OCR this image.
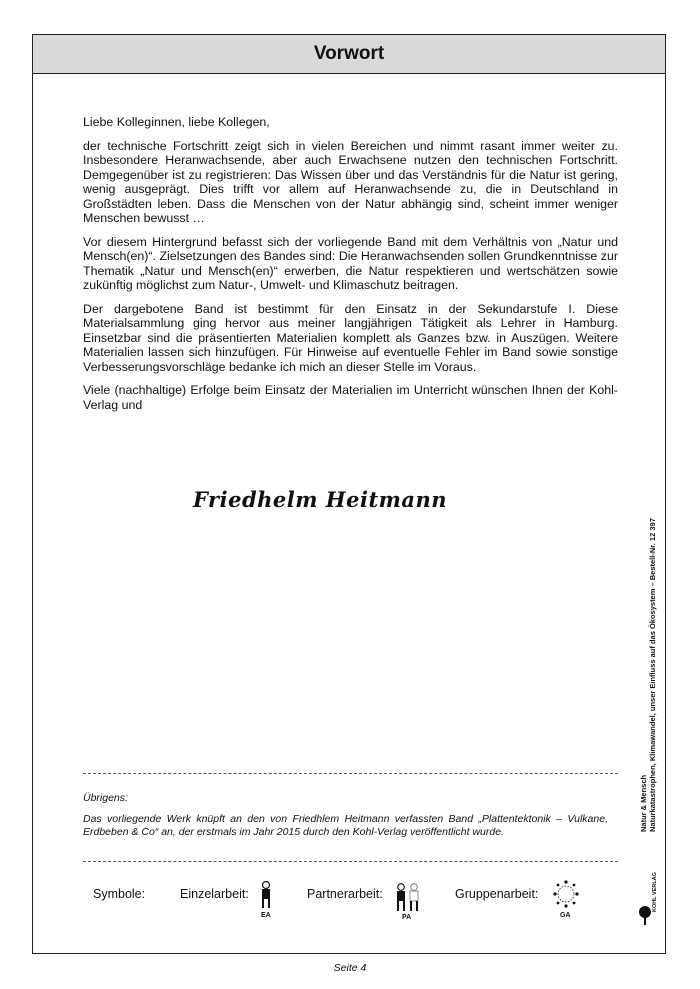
Vorwort

Liebe Kolleginnen, liebe Kollegen,

der technische Fortschritt zeigt sich in vielen Bereichen und nimmt rasant immer weiter zu. Insbesondere Heranwachsende, aber auch Erwachsene nutzen den technischen Fortschritt. Demgegenüber ist zu registrieren: Das Wissen über und das Verständnis für die Natur ist gering, wenig ausgeprägt. Dies trifft vor allem auf Heranwachsende zu, die in Deutschland in Großstädten leben. Dass die Menschen von der Natur abhängig sind, scheint immer weniger Menschen bewusst …

Vor diesem Hintergrund befasst sich der vorliegende Band mit dem Verhältnis von „Natur und Mensch(en)“. Zielsetzungen des Bandes sind: Die Heranwachsenden sollen Grundkenntnisse zur Thematik „Natur und Mensch(en)“ erwerben, die Natur respektieren und wertschätzen sowie zukünftig möglichst zum Natur-, Umwelt- und Klimaschutz beitragen.

Der dargebotene Band ist bestimmt für den Einsatz in der Sekundarstufe I. Diese Materialsammlung ging hervor aus meiner langjährigen Tätigkeit als Lehrer in Hamburg. Einsetzbar sind die präsentierten Materialien komplett als Ganzes bzw. in Auszügen. Weitere Materialien lassen sich hinzufügen. Für Hinweise auf eventuelle Fehler im Band sowie sonstige Verbesserungsvorschläge bedanke ich mich an dieser Stelle im Voraus.

Viele (nachhaltige) Erfolge beim Einsatz der Materialien im Unterricht wünschen Ihnen der Kohl-Verlag und

Friedhelm Heitmann
Übrigens:
Das vorliegende Werk knüpft an den von Friedhlem Heitmann verfassten Band „Plattentektonik – Vulkane, Erdbeben & Co“ an, der erstmals im Jahr 2015 durch den Kohl-Verlag veröffentlicht wurde.
Symbole:	Einzelarbeit:
EA
Partnerarbeit:
PA
Gruppenarbeit:
GA
Natur & Mensch Naturkatastrophen, Klimawandel, unser Einfluss auf das Ökosystem – Bestell-Nr. 12 397
KOHL VERLAG
Seite 4
